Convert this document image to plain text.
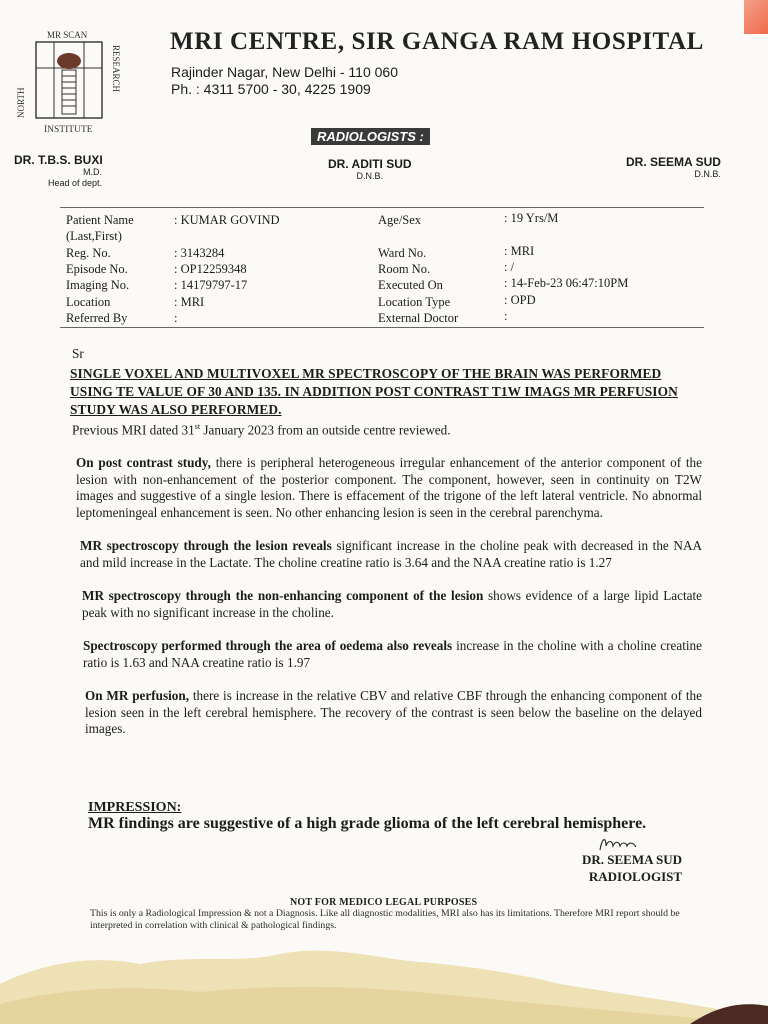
MR SCAN
NORTH
RESEARCH
INSTITUTE
MRI CENTRE, SIR GANGA RAM HOSPITAL
Rajinder Nagar, New Delhi - 110 060
Ph. : 4311 5700 - 30, 4225 1909
RADIOLOGISTS :
DR. T.B.S. BUXI
M.D.
Head of dept.
DR. ADITI SUD
D.N.B.
DR. SEEMA SUD
D.N.B.
Patient Name
(Last,First)
Reg. No.
Episode No.
Imaging No.
Location
Referred By
: KUMAR GOVIND
: 3143284
: OP12259348
: 14179797-17
: MRI
:
Age/Sex
Ward No.
Room No.
Executed On
Location Type
External Doctor
: 19 Yrs/M
: MRI
: /
: 14-Feb-23 06:47:10PM
: OPD
:
Sr
SINGLE VOXEL AND MULTIVOXEL MR SPECTROSCOPY OF THE BRAIN WAS PERFORMED USING TE VALUE OF 30 AND 135. IN ADDITION POST CONTRAST T1W IMAGS MR PERFUSION STUDY WAS ALSO PERFORMED.

Previous MRI dated 31st January 2023 from an outside centre reviewed.

On post contrast study, there is peripheral heterogeneous irregular enhancement of the anterior component of the lesion with non-enhancement of the posterior component. The component, however, seen in continuity on T2W images and suggestive of a single lesion. There is effacement of the trigone of the left lateral ventricle. No abnormal leptomeningeal enhancement is seen. No other enhancing lesion is seen in the cerebral parenchyma.

MR spectroscopy through the lesion reveals significant increase in the choline peak with decreased in the NAA and mild increase in the Lactate. The choline creatine ratio is 3.64 and the NAA creatine ratio is 1.27

MR spectroscopy through the non-enhancing component of the lesion shows evidence of a large lipid Lactate peak with no significant increase in the choline.

Spectroscopy performed through the area of oedema also reveals increase in the choline with a choline creatine ratio is 1.63 and NAA creatine ratio is 1.97

On MR perfusion, there is increase in the relative CBV and relative CBF through the enhancing component of the lesion seen in the left cerebral hemisphere. The recovery of the contrast is seen below the baseline on the delayed images.

IMPRESSION:
MR findings are suggestive of a high grade glioma of the left cerebral hemisphere.
DR. SEEMA SUD
RADIOLOGIST
NOT FOR MEDICO LEGAL PURPOSES
This is only a Radiological Impression & not a Diagnosis. Like all diagnostic modalities, MRI also has its limitations. Therefore MRI report should be interpreted in correlation with clinical & pathological findings.
